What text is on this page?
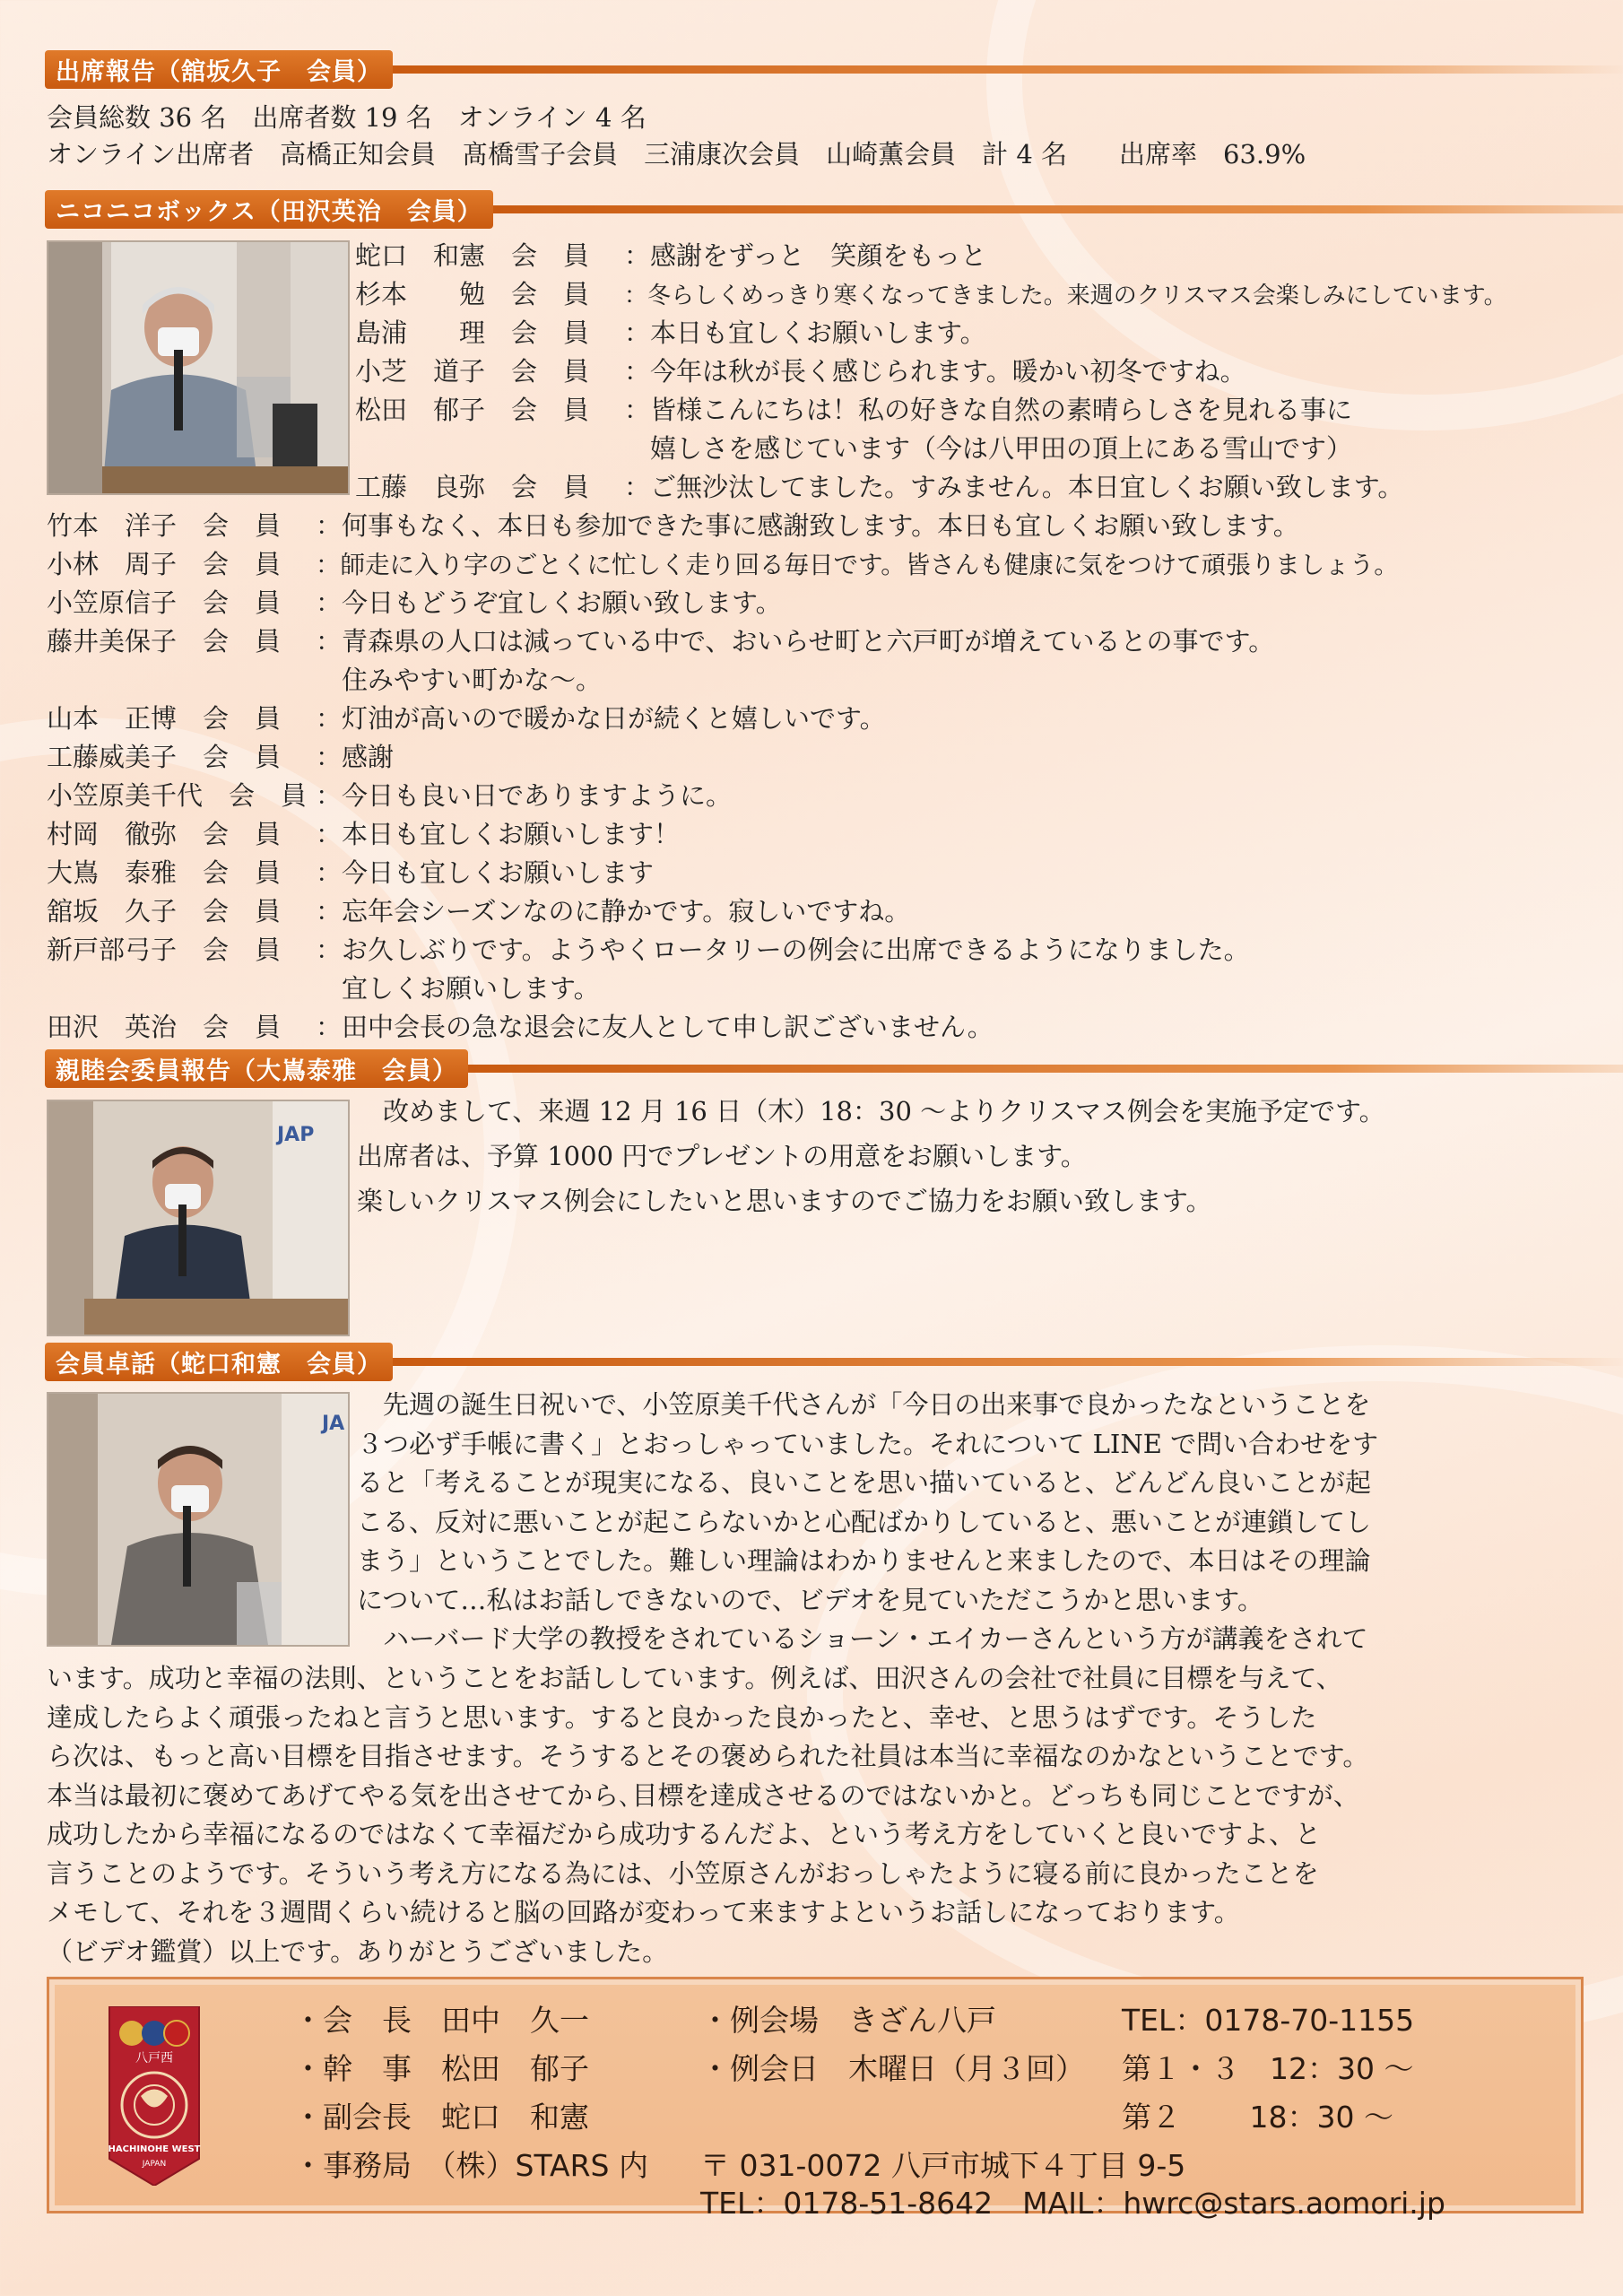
出席報告（舘坂久子　会員）
会員総数 36 名　出席者数 19 名　オンライン 4 名
オンライン出席者　高橋正知会員　髙橋雪子会員　三浦康次会員　山崎薫会員　計 4 名　　出席率　63.9%
ニコニコボックス（田沢英治　会員）
蛇口　和憲　会　員 ：感謝をずっと　笑顔をもっと
杉本　　勉　会　員 ：冬らしくめっきり寒くなってきました。来週のクリスマス会楽しみにしています。
島浦　　理　会　員 ：本日も宜しくお願いします。
小芝　道子　会　員 ：今年は秋が長く感じられます。暖かい初冬ですね。
松田　郁子　会　員 ：皆様こんにちは！私の好きな自然の素晴らしさを見れる事に
　嬉しさを感じています（今は八甲田の頂上にある雪山です）
工藤　良弥　会　員 ：ご無沙汰してました。すみません。本日宜しくお願い致します。
竹本　洋子　会　員 ：何事もなく、本日も参加できた事に感謝致します。本日も宜しくお願い致します。
小林　周子　会　員 ：師走に入り字のごとくに忙しく走り回る毎日です。皆さんも健康に気をつけて頑張りましょう。
小笠原信子　会　員 ：今日もどうぞ宜しくお願い致します。
藤井美保子　会　員 ：青森県の人口は減っている中で、おいらせ町と六戸町が増えているとの事です。
　住みやすい町かな～。
山本　正博　会　員 ：灯油が高いので暖かな日が続くと嬉しいです。
工藤威美子　会　員 ：感謝
小笠原美千代　会　員 ：今日も良い日でありますように。
村岡　徹弥　会　員 ：本日も宜しくお願いします！
大嶌　泰雅　会　員 ：今日も宜しくお願いします
舘坂　久子　会　員 ：忘年会シーズンなのに静かです。寂しいですね。
新戸部弓子　会　員 ：お久しぶりです。ようやくロータリーの例会に出席できるようになりました。
　宜しくお願いします。
田沢　英治　会　員 ：田中会長の急な退会に友人として申し訳ございません。
親睦会委員報告（大嶌泰雅　会員）
JAP
　改めまして、来週 12 月 16 日（木）18：30 ～よりクリスマス例会を実施予定です。
出席者は、予算 1000 円でプレゼントの用意をお願いします。
楽しいクリスマス例会にしたいと思いますのでご協力をお願い致します。
会員卓話（蛇口和憲　会員）
JA
　先週の誕生日祝いで、小笠原美千代さんが「今日の出来事で良かったなということを
３つ必ず手帳に書く」とおっしゃっていました。それについて LINE で問い合わせをす
ると「考えることが現実になる、良いことを思い描いていると、どんどん良いことが起
こる、反対に悪いことが起こらないかと心配ばかりしていると、悪いことが連鎖してし
まう」ということでした。難しい理論はわかりませんと来ましたので、本日はその理論
について…私はお話しできないので、ビデオを見ていただこうかと思います。
　ハーバード大学の教授をされているショーン・エイカーさんという方が講義をされて
います。成功と幸福の法則、ということをお話ししています。例えば、田沢さんの会社で社員に目標を与えて、
達成したらよく頑張ったねと言うと思います。すると良かった良かったと、幸せ、と思うはずです。そうした
ら次は、もっと高い目標を目指させます。そうするとその褒められた社員は本当に幸福なのかなということです。
本当は最初に褒めてあげてやる気を出させてから､目標を達成させるのではないかと。どっちも同じことですが、
成功したから幸福になるのではなくて幸福だから成功するんだよ、という考え方をしていくと良いですよ、と
言うことのようです。そういう考え方になる為には、小笠原さんがおっしゃたように寝る前に良かったことを
メモして、それを３週間くらい続けると脳の回路が変わって来ますよというお話しになっております。
（ビデオ鑑賞）以上です。ありがとうございました。
八戸西
HACHINOHE WEST
JAPAN
・会　長　田中　久一
・幹　事　松田　郁子
・副会長　蛇口　和憲
・事務局　（株）STARS 内
・例会場　きざん八戸
・例会日　木曜日（月３回）
TEL：0178-70-1155
第１・３　12：30 ～
第２　　 18：30 ～
〒 031-0072 八戸市城下４丁目 9-5
TEL：0178-51-8642　MAIL：hwrc@stars.aomori.jp
